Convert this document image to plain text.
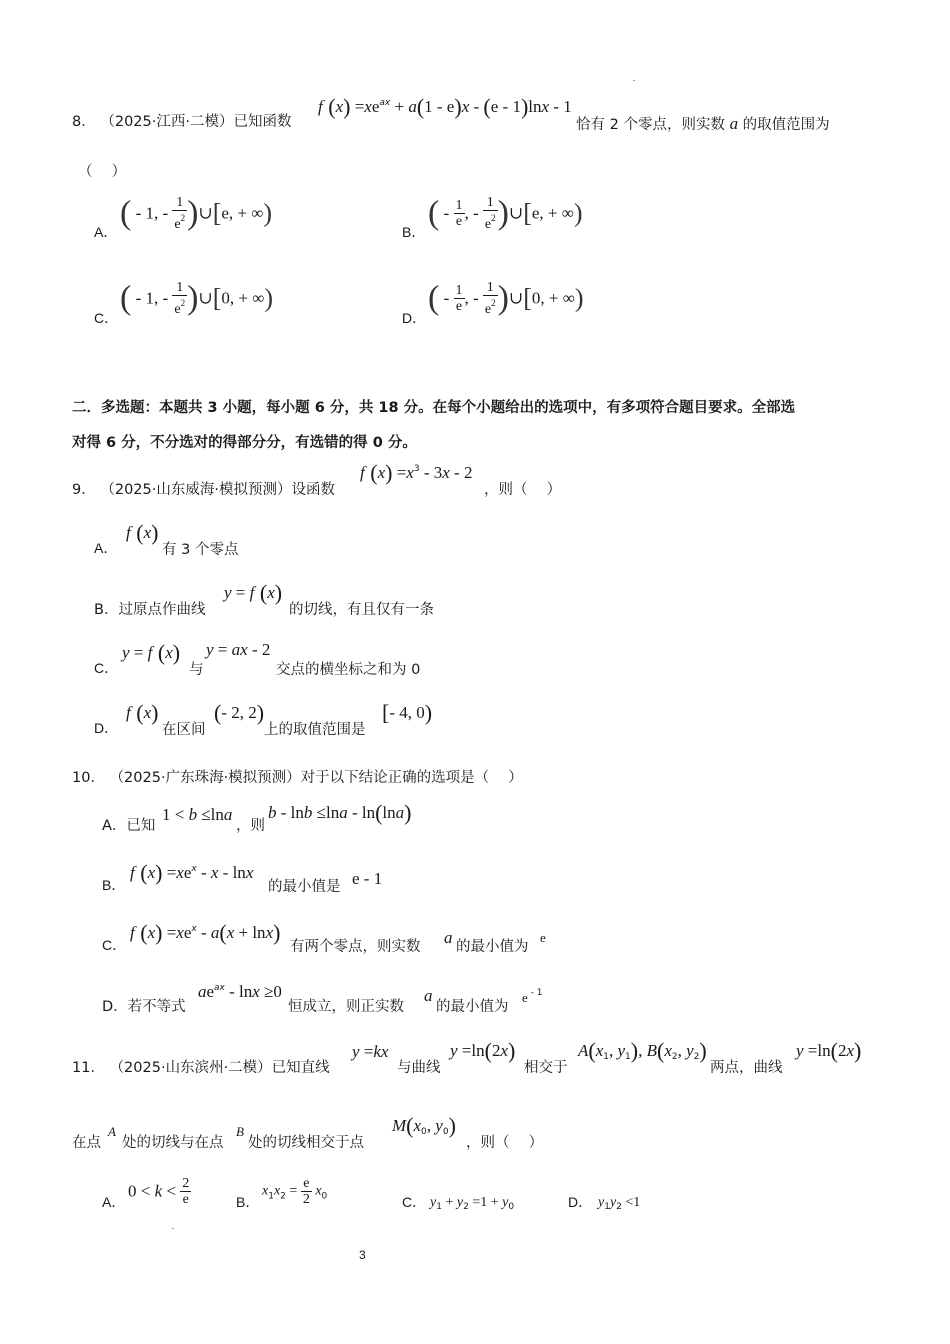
8． （2025·江西·二模）已知函数
f $(x) =xe^{ax} + a(1 - e)x - (e - 1)\ln x - 1$
恰有 2 个零点，则实数 a 的取值范围为
（　 ）
A．
( - 1, - $\frac{1}{e^2}$ )∪[e, + ∞)
B．
( - $\frac{1}{e}$ , - $\frac{1}{e^2}$ )∪[e, + ∞)
C．
( - 1, - $\frac{1}{e^2}$ )∪[0, + ∞)
D．
( - $\frac{1}{e}$ , - $\frac{1}{e^2}$ )∪[0, + ∞)
二．多选题：本题共 3 小题，每小题 6 分，共 18 分。在每个小题给出的选项中，有多项符合题目要求。全部选
对得 6 分，不分选对的得部分分，有选错的得 0 分。
9． （2025·山东威海·模拟预测）设函数
f $(x) =x^3 - 3x - 2$
，则（　 ）
A．
f (x)
有 3 个零点
B．过原点作曲线
y = f (x)
的切线，有且仅有一条
C．
y = f (x)
与
y = ax - 2
交点的横坐标之和为 0
D．
f (x)
在区间
(- 2, 2)
上的取值范围是
[- 4, 0)
10． （2025·广东珠海·模拟预测）对于以下结论正确的选项是（　 ）
A．已知
1 < b ≤lna
，则
b - lnb ≤lna - ln(lna)
B．
f $(x) =xe^x - x - \ln x$
的最小值是 e - 1
C．
f $(x) =xe^x - a(x + \ln x)$
有两个零点，则实数 a 的最小值为
e
D．若不等式
$ae^{ax} - \ln x \ge 0$
恒成立，则正实数
a
的最小值为
e $^{- 1}$
11． （2025·山东滨州·二模）已知直线
y =kx
与曲线
y =ln(2x)
相交于
$A(x_1$, $y_1$), $B(x_2$, $y_2$)
两点，曲线
y =ln(2x)
在点
A
处的切线与在点
B
处的切线相交于点
$M(x_0$, $y_0$)
，则（　 ）
A．
$0 < k < \frac{2}{e}$	B．
$x_1x_2 = \frac{e}{2} x_0$	C． $y_1 + y_2 =1 + y_0$	D． $y_1y_2 <1$
3
